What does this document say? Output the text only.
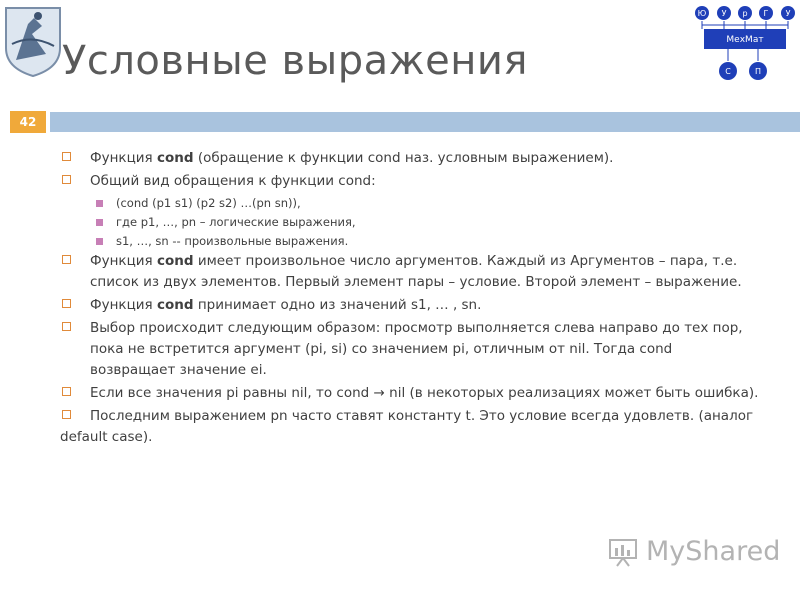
Условные выражения
Ю У р Г У
МехМат
С	П
42
Функция cond (обращение к функции cond наз. условным выражением).
Общий вид обращения к функции cond:
(cond (p1 s1) (p2 s2) …(pn sn)),
где p1, …, pn – логические выражения,
s1, …, sn -- произвольные выражения.
Функция cond имеет произвольное число аргументов. Каждый из Аргументов – пара, т.е. список из двух элементов. Первый элемент пары – условие. Второй элемент – выражение.
Функция cond принимает одно из значений s1, … , sn.
Выбор происходит следующим образом: просмотр выполняется слева направо до тех пор, пока не встретится аргумент (pi, si) со значением pi, отличным от nil. Тогда cond возвращает значение ei.
Если все значения pi равны nil, то cond → nil (в некоторых реализациях может быть ошибка).
Последним выражением pn часто ставят константу t. Это условие всегда удовлетв. (аналог default case).
MyShared
